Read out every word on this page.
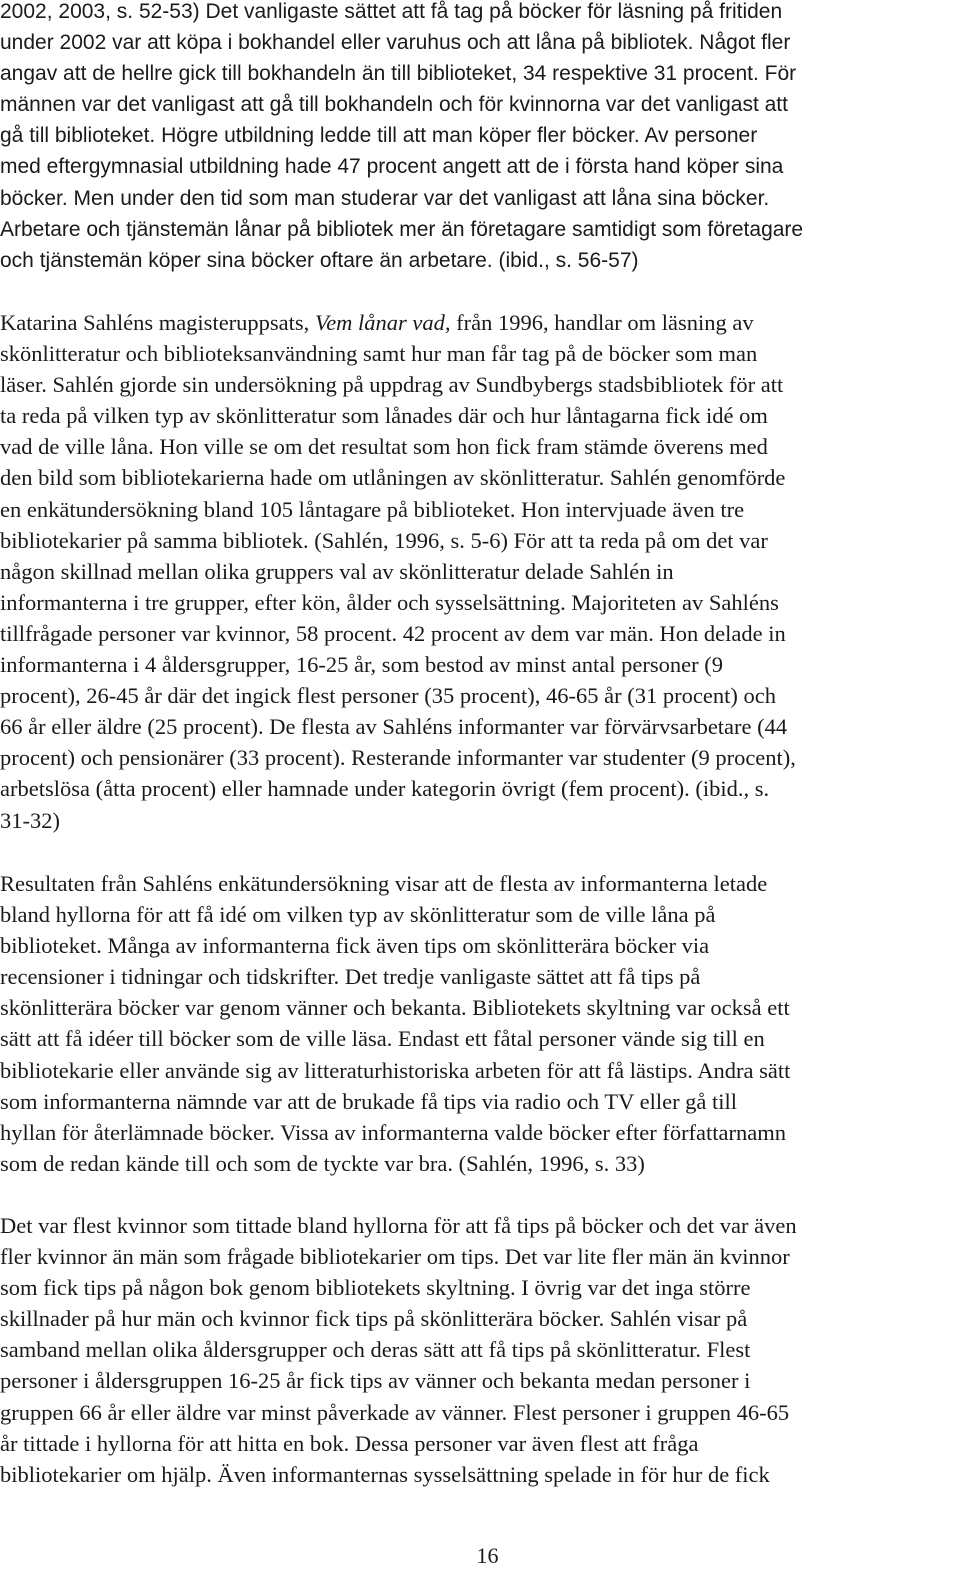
2002, 2003, s. 52-53) Det vanligaste sättet att få tag på böcker för läsning på fritiden
under 2002 var att köpa i bokhandel eller varuhus och att låna på bibliotek. Något fler
angav att de hellre gick till bokhandeln än till biblioteket, 34 respektive 31 procent. För
männen var det vanligast att gå till bokhandeln och för kvinnorna var det vanligast att
gå till biblioteket. Högre utbildning ledde till att man köper fler böcker. Av personer
med eftergymnasial utbildning hade 47 procent angett att de i första hand köper sina
böcker. Men under den tid som man studerar var det vanligast att låna sina böcker.
Arbetare och tjänstemän lånar på bibliotek mer än företagare samtidigt som företagare
och tjänstemän köper sina böcker oftare än arbetare. (ibid., s. 56-57)
Katarina Sahléns magisteruppsats, Vem lånar vad, från 1996, handlar om läsning av
skönlitteratur och biblioteksanvändning samt hur man får tag på de böcker som man
läser. Sahlén gjorde sin undersökning på uppdrag av Sundbybergs stadsbibliotek för att
ta reda på vilken typ av skönlitteratur som lånades där och hur låntagarna fick idé om
vad de ville låna. Hon ville se om det resultat som hon fick fram stämde överens med
den bild som bibliotekarierna hade om utlåningen av skönlitteratur. Sahlén genomförde
en enkätundersökning bland 105 låntagare på biblioteket. Hon intervjuade även tre
bibliotekarier på samma bibliotek. (Sahlén, 1996, s. 5-6) För att ta reda på om det var
någon skillnad mellan olika gruppers val av skönlitteratur delade Sahlén in
informanterna i tre grupper, efter kön, ålder och sysselsättning. Majoriteten av Sahléns
tillfrågade personer var kvinnor, 58 procent. 42 procent av dem var män. Hon delade in
informanterna i 4 åldersgrupper, 16-25 år, som bestod av minst antal personer (9
procent), 26-45 år där det ingick flest personer (35 procent), 46-65 år (31 procent) och
66 år eller äldre (25 procent). De flesta av Sahléns informanter var förvärvsarbetare (44
procent) och pensionärer (33 procent). Resterande informanter var studenter (9 procent),
arbetslösa (åtta procent) eller hamnade under kategorin övrigt (fem procent). (ibid., s.
31-32)
Resultaten från Sahléns enkätundersökning visar att de flesta av informanterna letade
bland hyllorna för att få idé om vilken typ av skönlitteratur som de ville låna på
biblioteket. Många av informanterna fick även tips om skönlitterära böcker via
recensioner i tidningar och tidskrifter. Det tredje vanligaste sättet att få tips på
skönlitterära böcker var genom vänner och bekanta. Bibliotekets skyltning var också ett
sätt att få idéer till böcker som de ville läsa. Endast ett fåtal personer vände sig till en
bibliotekarie eller använde sig av litteraturhistoriska arbeten för att få lästips. Andra sätt
som informanterna nämnde var att de brukade få tips via radio och TV eller gå till
hyllan för återlämnade böcker. Vissa av informanterna valde böcker efter författarnamn
som de redan kände till och som de tyckte var bra. (Sahlén, 1996, s. 33)
Det var flest kvinnor som tittade bland hyllorna för att få tips på böcker och det var även
fler kvinnor än män som frågade bibliotekarier om tips. Det var lite fler män än kvinnor
som fick tips på någon bok genom bibliotekets skyltning. I övrig var det inga större
skillnader på hur män och kvinnor fick tips på skönlitterära böcker. Sahlén visar på
samband mellan olika åldersgrupper och deras sätt att få tips på skönlitteratur. Flest
personer i åldersgruppen 16-25 år fick tips av vänner och bekanta medan personer i
gruppen 66 år eller äldre var minst påverkade av vänner. Flest personer i gruppen 46-65
år tittade i hyllorna för att hitta en bok. Dessa personer var även flest att fråga
bibliotekarier om hjälp. Även informanternas sysselsättning spelade in för hur de fick
16
